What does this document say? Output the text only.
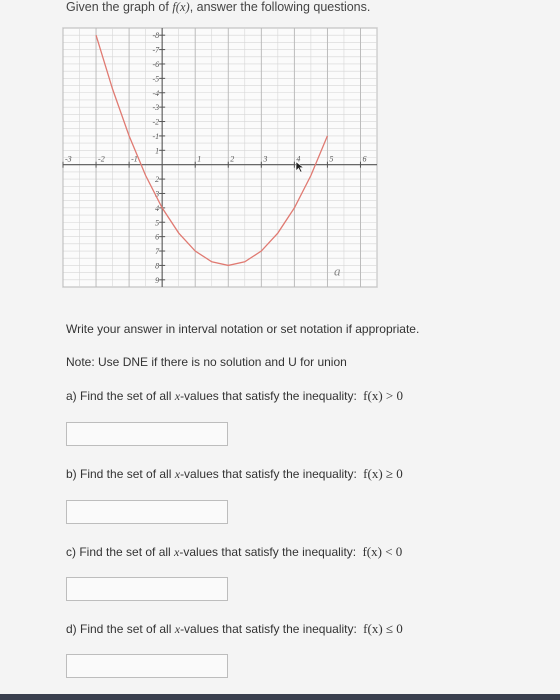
Given the graph of f(x), answer the following questions.
-3	-2	-1	1	2	3	4	5	6
9
8
7
6
5
4
3
2
1
-1
-2
-3
-4
-5
-6
-7
-8
a
Write your answer in interval notation or set notation if appropriate.
Note: Use DNE if there is no solution and U for union
a) Find the set of all x-values that satisfy the inequality: f(x) > 0
b) Find the set of all x-values that satisfy the inequality: f(x) ≥ 0
c) Find the set of all x-values that satisfy the inequality: f(x) < 0
d) Find the set of all x-values that satisfy the inequality: f(x) ≤ 0
